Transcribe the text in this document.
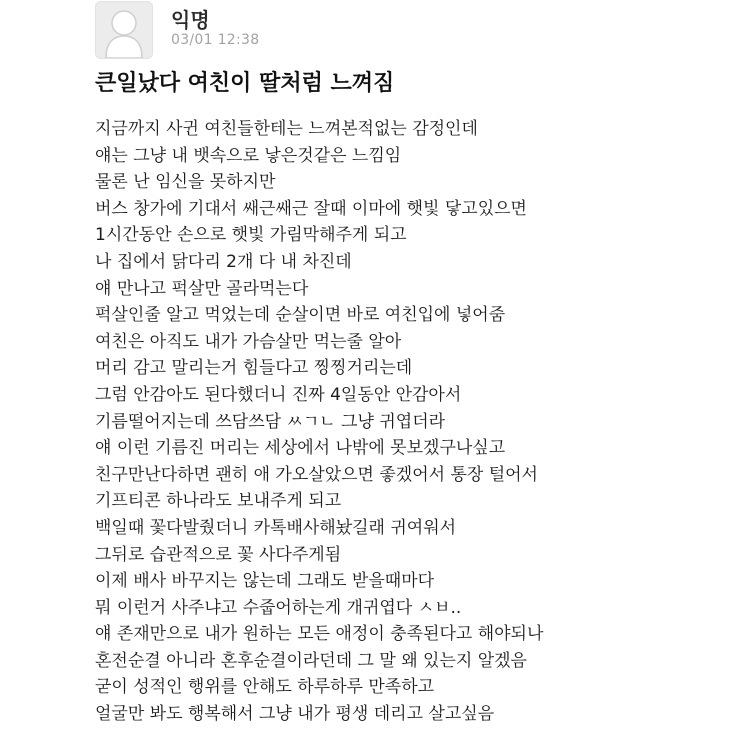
익명
03/01 12:38
큰일났다 여친이 딸처럼 느껴짐
지금까지 사귄 여친들한테는 느껴본적없는 감정인데
얘는 그냥 내 뱃속으로 낳은것같은 느낌임
물론 난 임신을 못하지만
버스 창가에 기대서 쌔근쌔근 잘때 이마에 햇빛 닿고있으면
1시간동안 손으로 햇빛 가림막해주게 되고
나 집에서 닭다리 2개 다 내 차진데
얘 만나고 퍽살만 골라먹는다
퍽살인줄 알고 먹었는데 순살이면 바로 여친입에 넣어줌
여친은 아직도 내가 가슴살만 먹는줄 알아
머리 감고 말리는거 힘들다고 찡찡거리는데
그럼 안감아도 된다했더니 진짜 4일동안 안감아서
기름떨어지는데 쓰담쓰담 ㅆㄱㄴ 그냥 귀엽더라
얘 이런 기름진 머리는 세상에서 나밖에 못보겠구나싶고
친구만난다하면 괜히 애 가오살았으면 좋겠어서 통장 털어서
기프티콘 하나라도 보내주게 되고
백일때 꽃다발줬더니 카톡배사해놨길래 귀여워서
그뒤로 습관적으로 꽃 사다주게됨
이제 배사 바꾸지는 않는데 그래도 받을때마다
뭐 이런거 사주냐고 수줍어하는게 개귀엽다 ㅅㅂ..
얘 존재만으로 내가 원하는 모든 애정이 충족된다고 해야되나
혼전순결 아니라 혼후순결이라던데 그 말 왜 있는지 알겠음
굳이 성적인 행위를 안해도 하루하루 만족하고
얼굴만 봐도 행복해서 그냥 내가 평생 데리고 살고싶음
